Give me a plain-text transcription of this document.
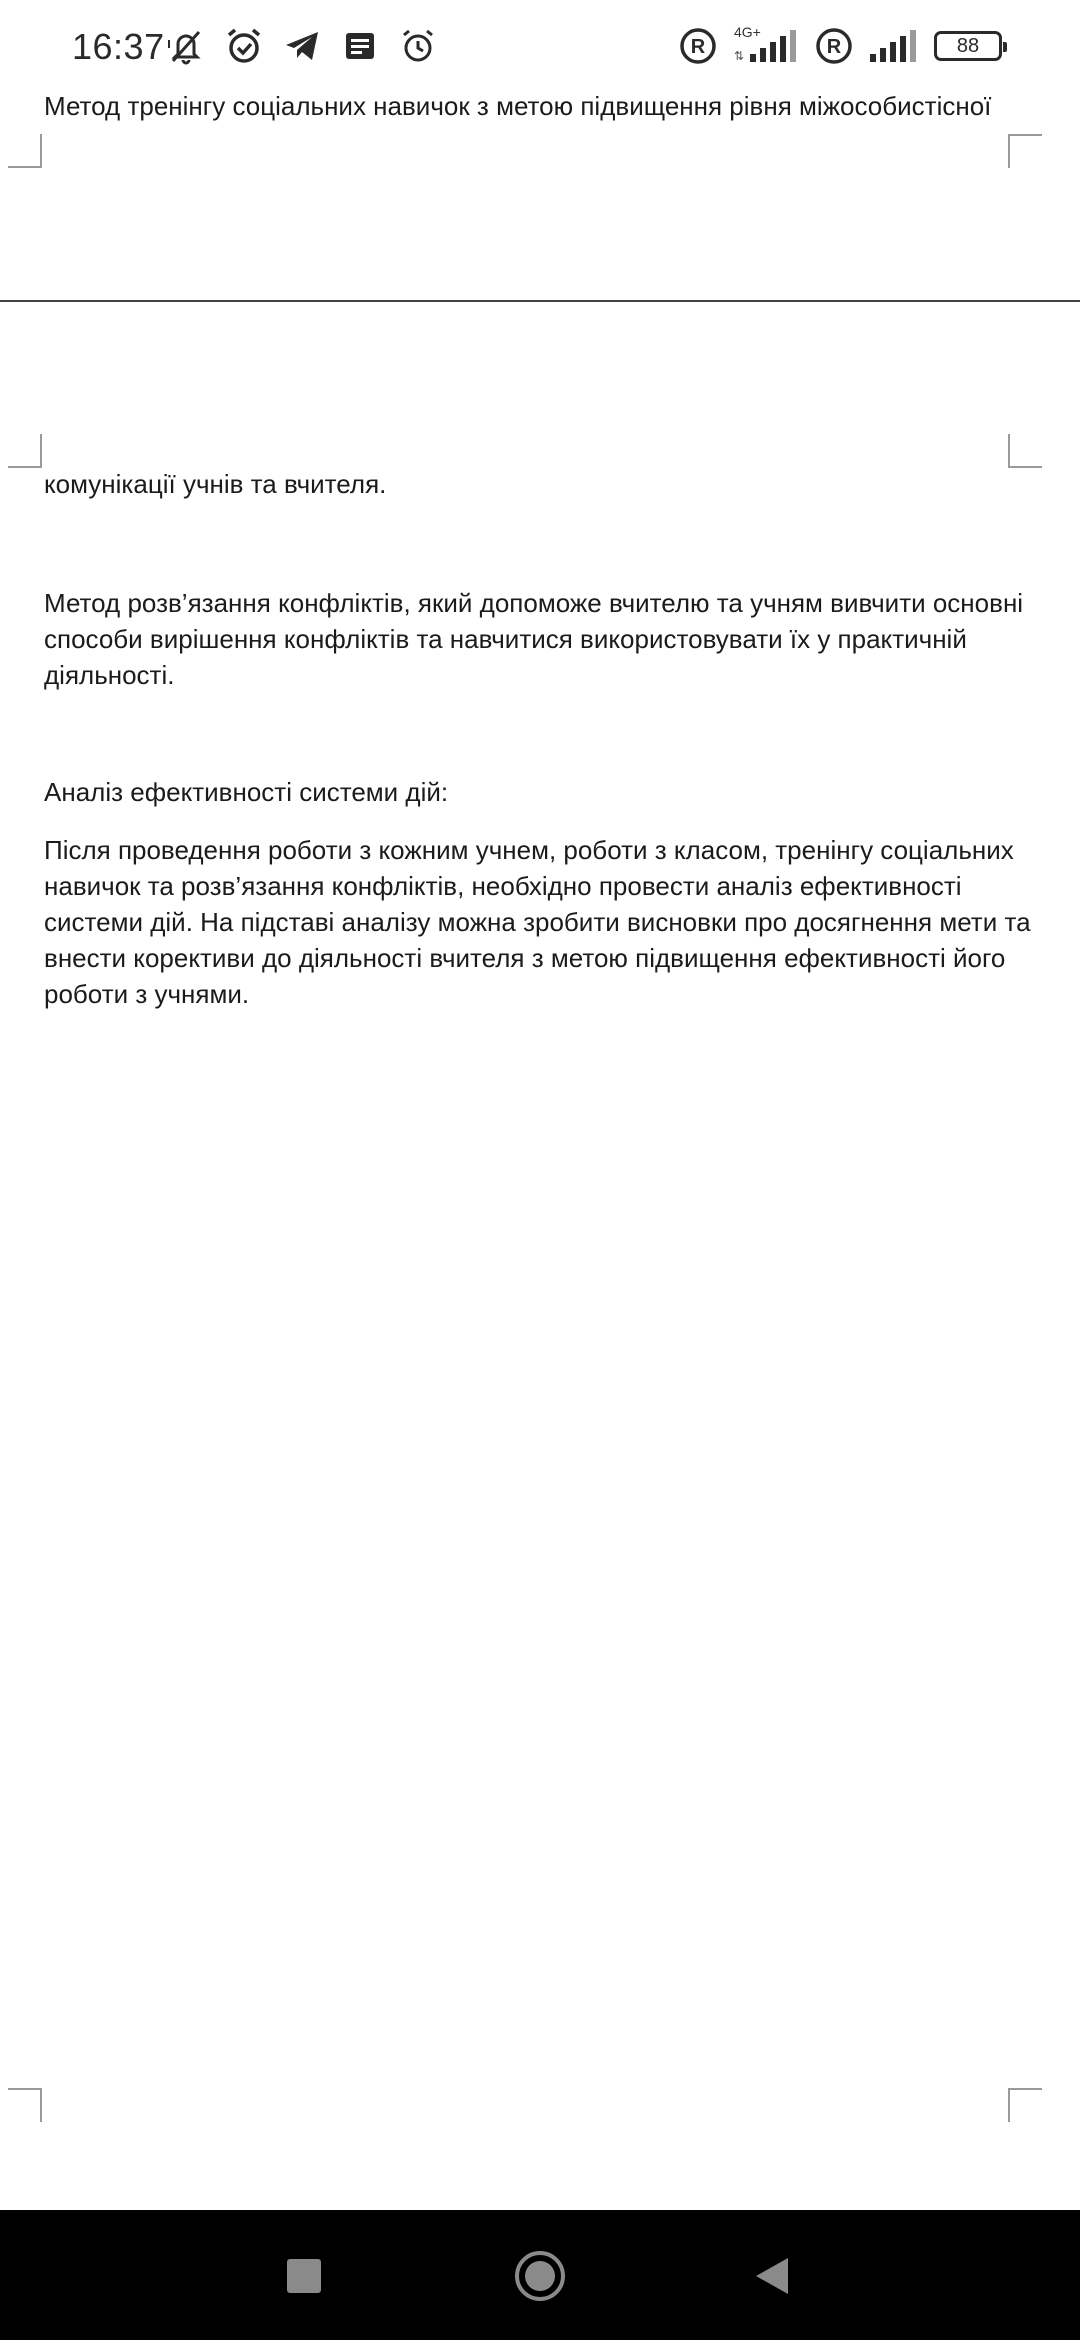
16:37	R
4G+
⇅	R	88

Метод тренінгу соціальних навичок з метою підвищення рівня міжособистісної

комунікації учнів та вчителя.

Метод розв’язання конфліктів, який допоможе вчителю та учням вивчити основні способи вирішення конфліктів та навчитися використовувати їх у практичній діяльності.

Аналіз ефективності системи дій:

Після проведення роботи з кожним учнем, роботи з класом, тренінгу соціальних навичок та розв’язання конфліктів, необхідно провести аналіз ефективності системи дій. На підставі аналізу можна зробити висновки про досягнення мети та внести корективи до діяльності вчителя з метою підвищення ефективності його роботи з учнями.
